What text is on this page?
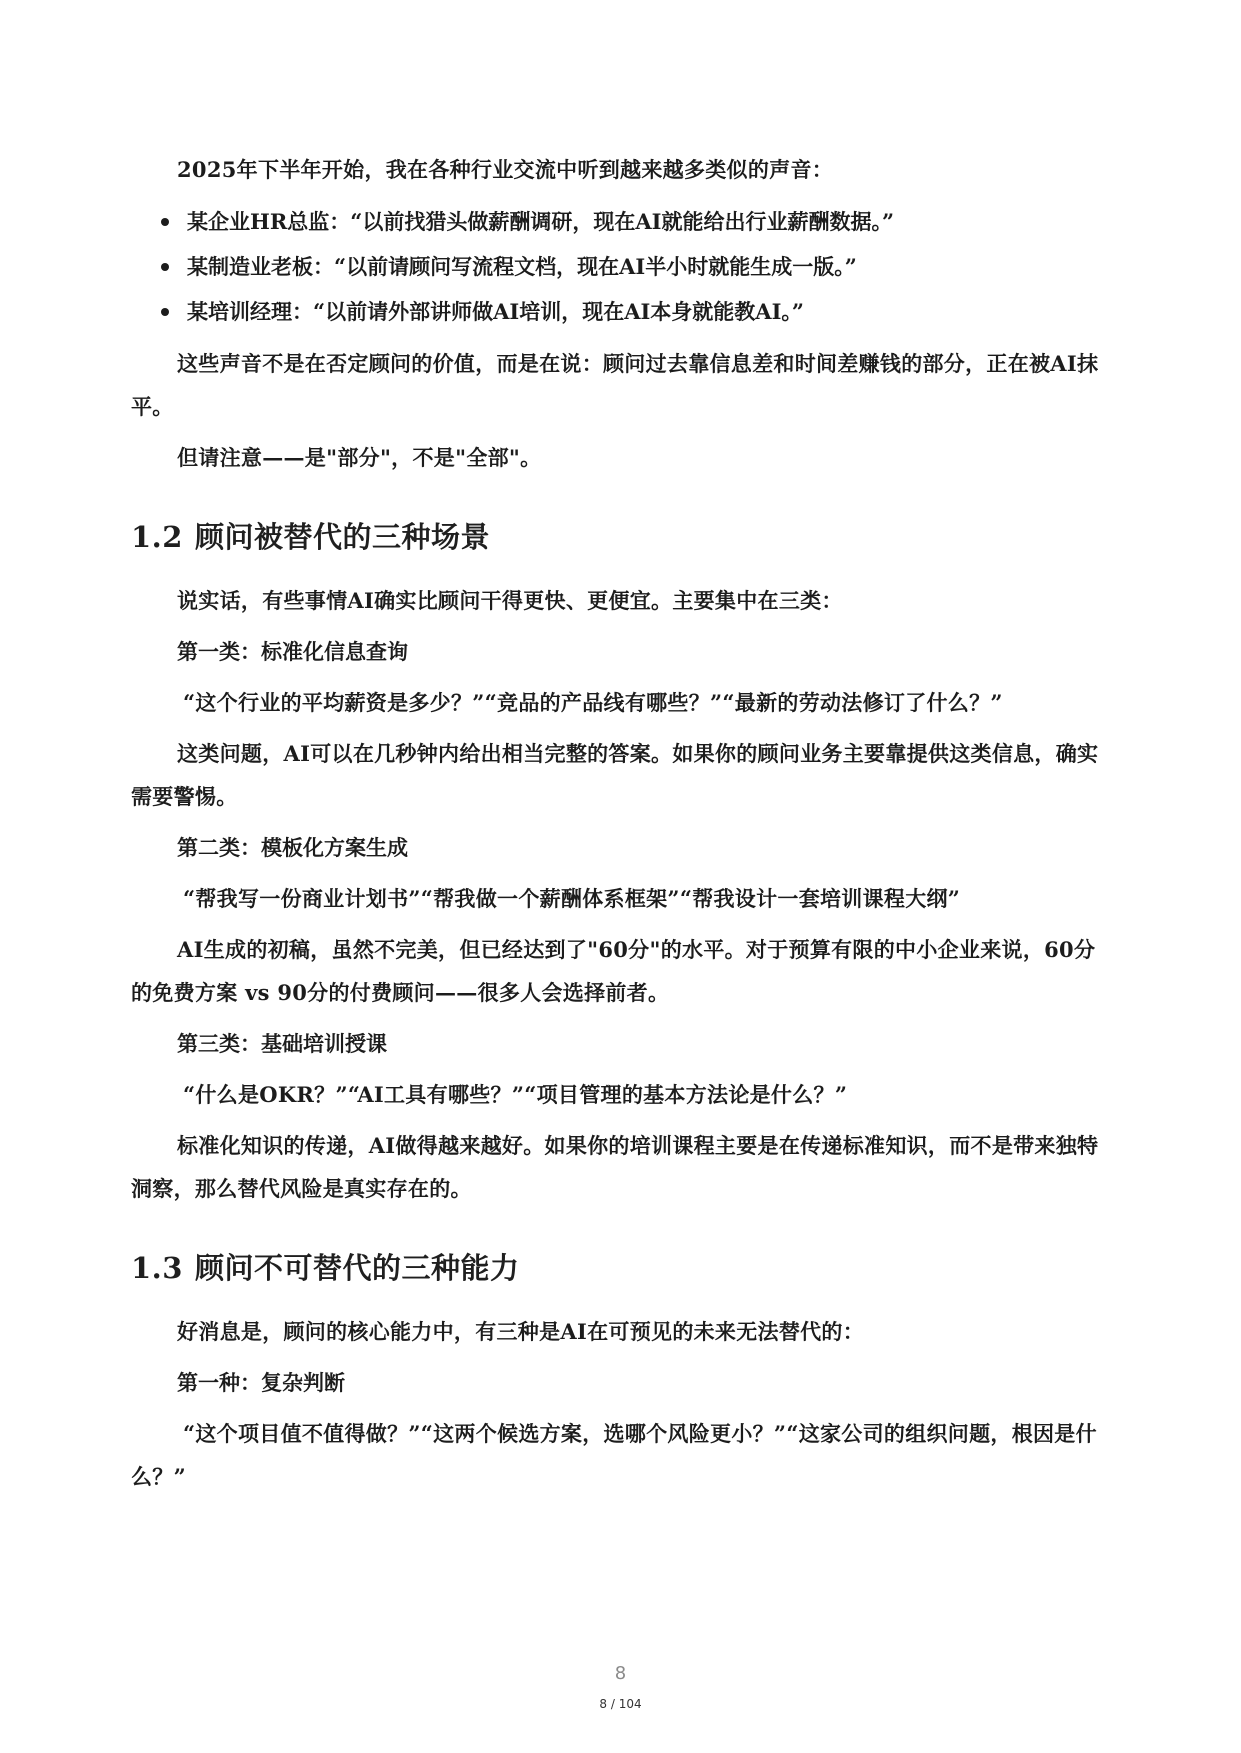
2025年下半年开始，我在各种行业交流中听到越来越多类似的声音：

某企业HR总监：“以前找猎头做薪酬调研，现在AI就能给出行业薪酬数据。”
某制造业老板：“以前请顾问写流程文档，现在AI半小时就能生成一版。”
某培训经理：“以前请外部讲师做AI培训，现在AI本身就能教AI。”

这些声音不是在否定顾问的价值，而是在说：顾问过去靠信息差和时间差赚钱的部分，正在被AI抹平。

但请注意——是"部分"，不是"全部"。

1.2 顾问被替代的三种场景

说实话，有些事情AI确实比顾问干得更快、更便宜。主要集中在三类：

第一类：标准化信息查询

“这个行业的平均薪资是多少？”“竞品的产品线有哪些？”“最新的劳动法修订了什么？”

这类问题，AI可以在几秒钟内给出相当完整的答案。如果你的顾问业务主要靠提供这类信息，确实需要警惕。

第二类：模板化方案生成

“帮我写一份商业计划书”“帮我做一个薪酬体系框架”“帮我设计一套培训课程大纲”

AI生成的初稿，虽然不完美，但已经达到了"60分"的水平。对于预算有限的中小企业来说，60分的免费方案 vs 90分的付费顾问——很多人会选择前者。

第三类：基础培训授课

“什么是OKR？”“AI工具有哪些？”“项目管理的基本方法论是什么？”

标准化知识的传递，AI做得越来越好。如果你的培训课程主要是在传递标准知识，而不是带来独特洞察，那么替代风险是真实存在的。

1.3 顾问不可替代的三种能力

好消息是，顾问的核心能力中，有三种是AI在可预见的未来无法替代的：

第一种：复杂判断

“这个项目值不值得做？”“这两个候选方案，选哪个风险更小？”“这家公司的组织问题，根因是什么？”

8
8 / 104
